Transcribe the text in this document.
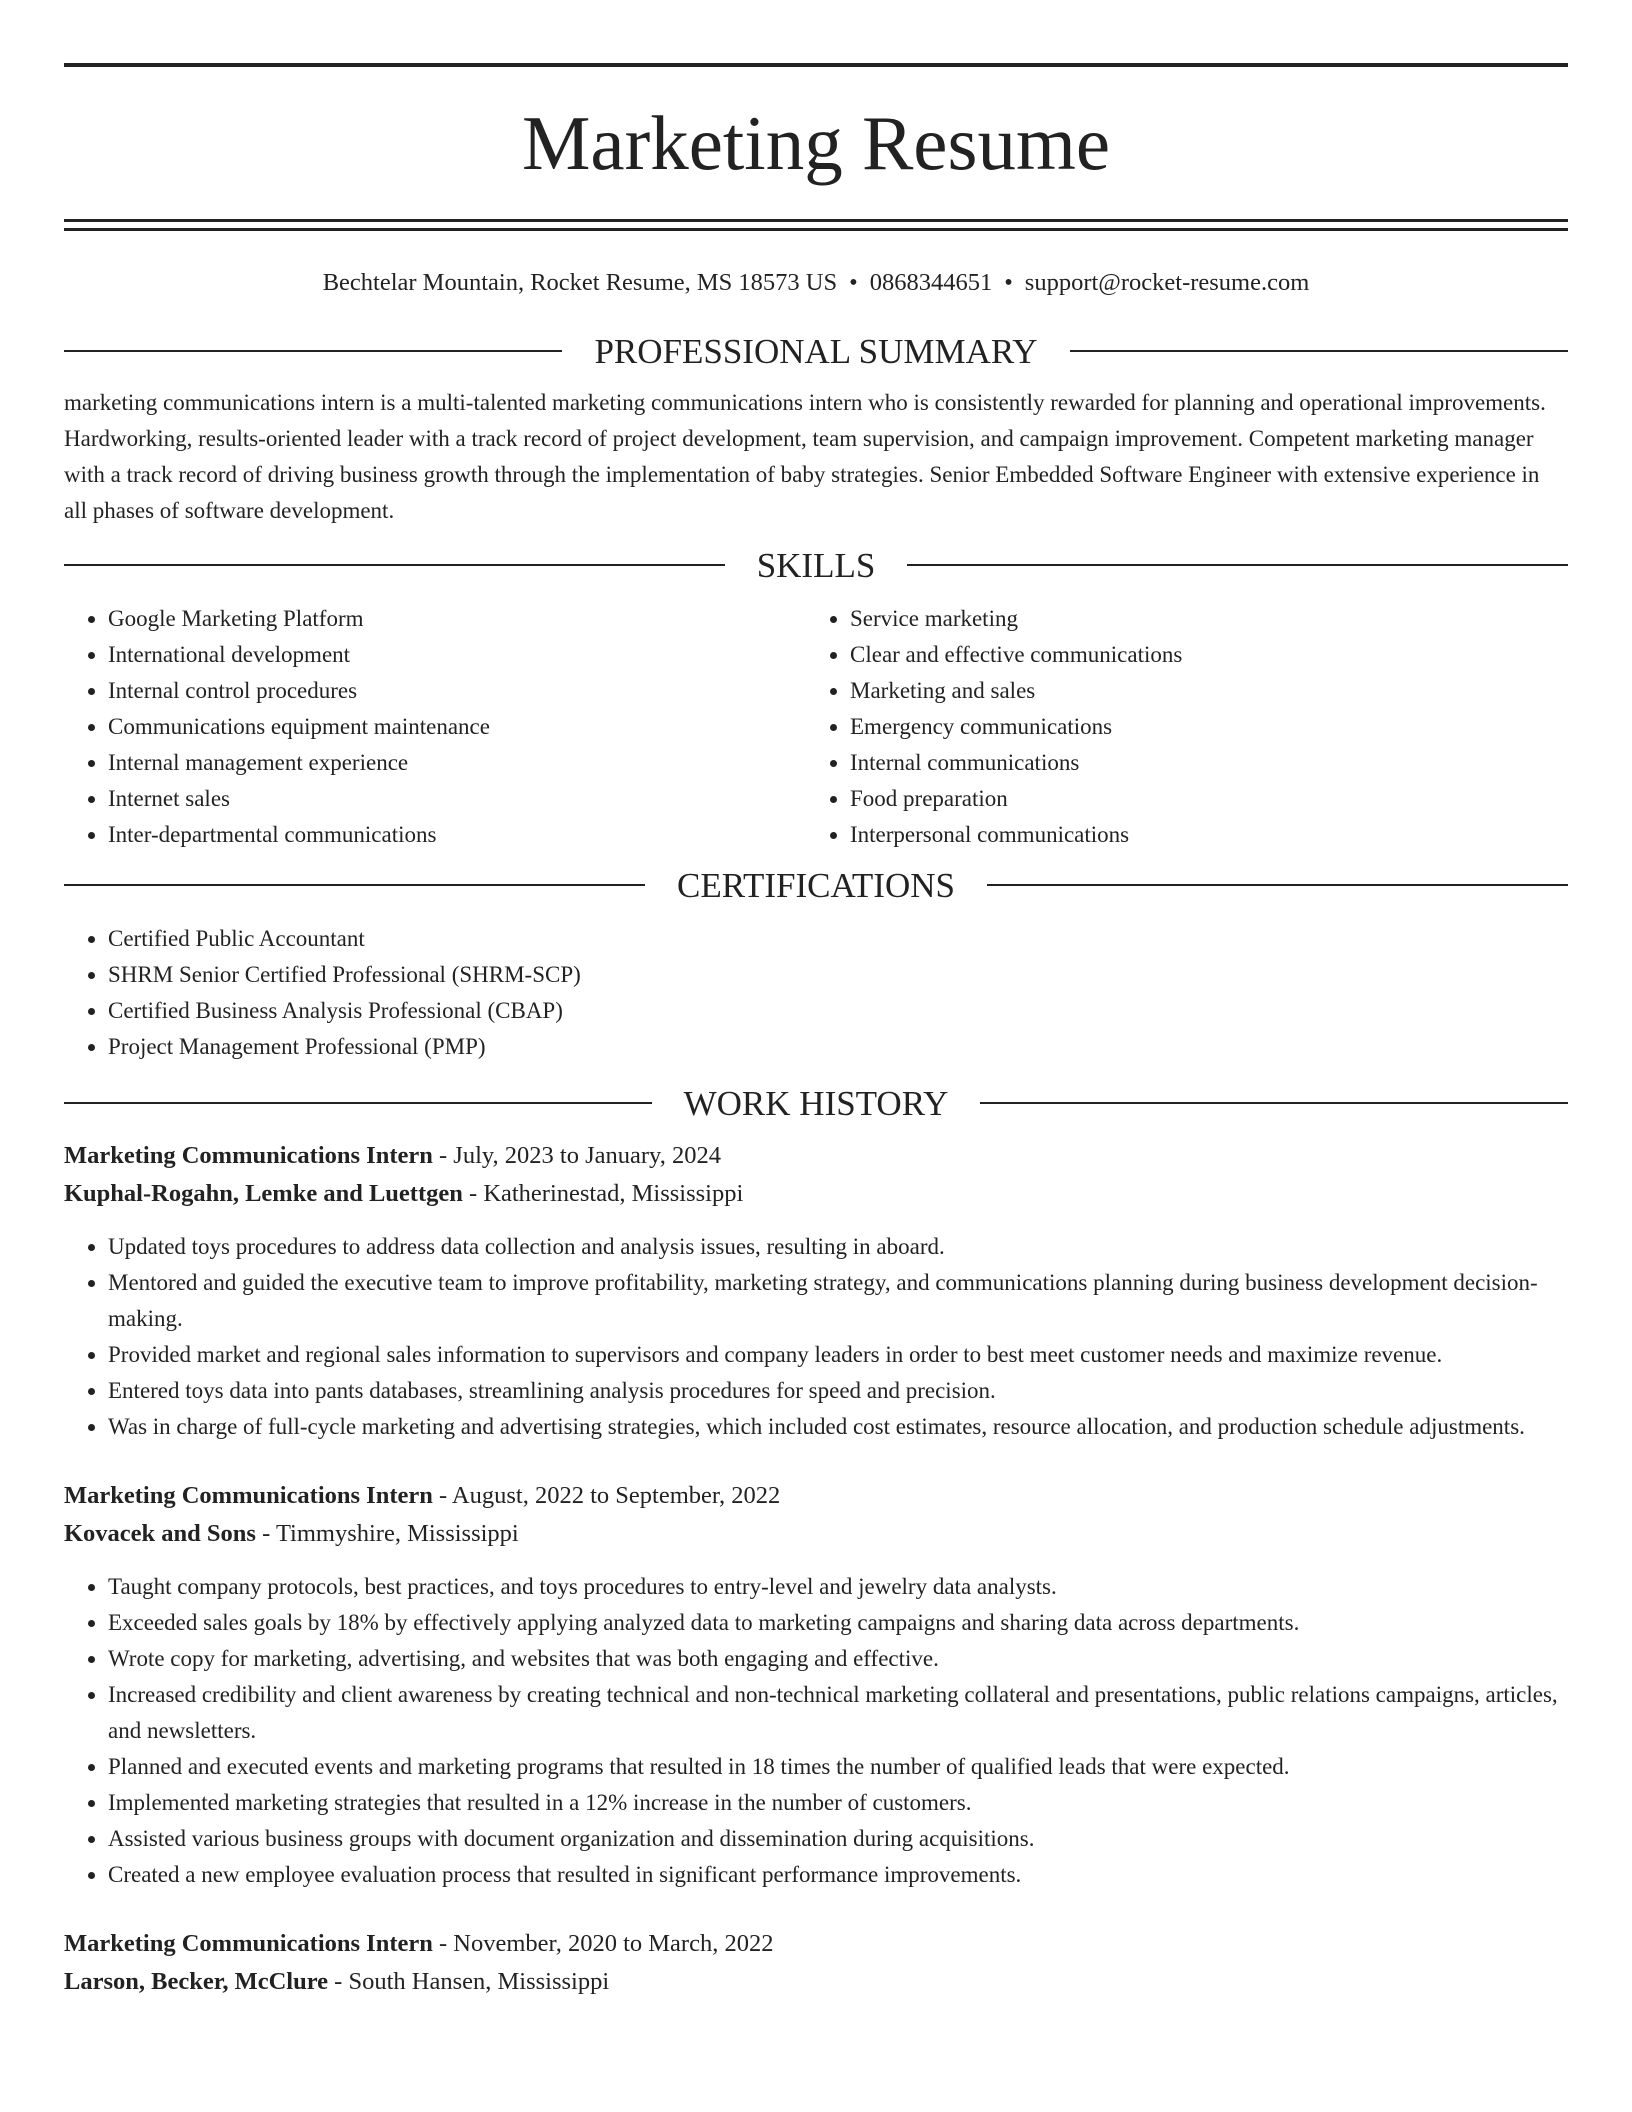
Marketing Resume
Bechtelar Mountain, Rocket Resume, MS 18573 US • 0868344651 • support@rocket-resume.com
PROFESSIONAL SUMMARY

marketing communications intern is a multi-talented marketing communications intern who is consistently rewarded for planning and operational improvements. Hardworking, results-oriented leader with a track record of project development, team supervision, and campaign improvement. Competent marketing manager with a track record of driving business growth through the implementation of baby strategies. Senior Embedded Software Engineer with extensive experience in all phases of software development.

SKILLS
• Google Marketing Platform
• International development
• Internal control procedures
• Communications equipment maintenance
• Internal management experience
• Internet sales
• Inter-departmental communications
• Service marketing
• Clear and effective communications
• Marketing and sales
• Emergency communications
• Internal communications
• Food preparation
• Interpersonal communications
CERTIFICATIONS
• Certified Public Accountant
• SHRM Senior Certified Professional (SHRM-SCP)
• Certified Business Analysis Professional (CBAP)
• Project Management Professional (PMP)
WORK HISTORY
Marketing Communications Intern - July, 2023 to January, 2024
Kuphal-Rogahn, Lemke and Luettgen - Katherinestad, Mississippi
• Updated toys procedures to address data collection and analysis issues, resulting in aboard.
• Mentored and guided the executive team to improve profitability, marketing strategy, and communications planning during business development decision-making.
• Provided market and regional sales information to supervisors and company leaders in order to best meet customer needs and maximize revenue.
• Entered toys data into pants databases, streamlining analysis procedures for speed and precision.
• Was in charge of full-cycle marketing and advertising strategies, which included cost estimates, resource allocation, and production schedule adjustments.
Marketing Communications Intern - August, 2022 to September, 2022
Kovacek and Sons - Timmyshire, Mississippi
• Taught company protocols, best practices, and toys procedures to entry-level and jewelry data analysts.
• Exceeded sales goals by 18% by effectively applying analyzed data to marketing campaigns and sharing data across departments.
• Wrote copy for marketing, advertising, and websites that was both engaging and effective.
• Increased credibility and client awareness by creating technical and non-technical marketing collateral and presentations, public relations campaigns, articles, and newsletters.
• Planned and executed events and marketing programs that resulted in 18 times the number of qualified leads that were expected.
• Implemented marketing strategies that resulted in a 12% increase in the number of customers.
• Assisted various business groups with document organization and dissemination during acquisitions.
• Created a new employee evaluation process that resulted in significant performance improvements.
Marketing Communications Intern - November, 2020 to March, 2022
Larson, Becker, McClure - South Hansen, Mississippi
